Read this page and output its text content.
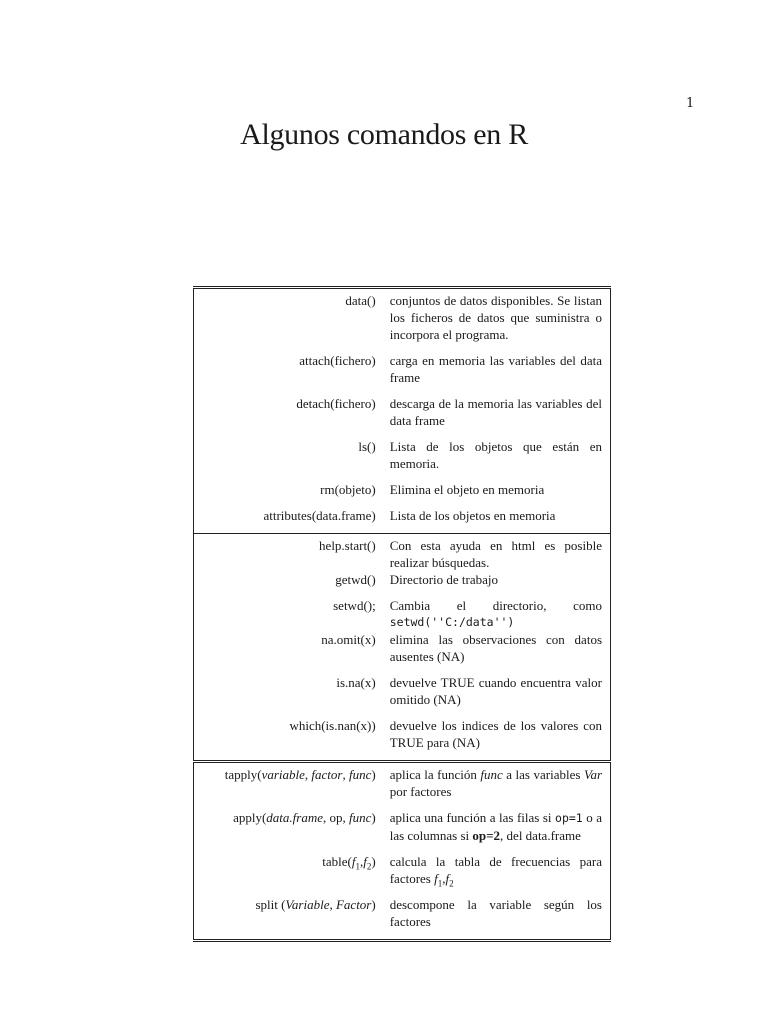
1
Algunos comandos en R
data()	conjuntos de datos disponibles. Se listan los ficheros de datos que suministra o incorpora el programa.
attach(fichero)	carga en memoria las variables del data frame
detach(fichero)	descarga de la memoria las variables del data frame
ls()	Lista de los objetos que están en memoria.
rm(objeto)	Elimina el objeto en memoria
attributes(data.frame)	Lista de los objetos en memoria
help.start()	Con esta ayuda en html es posible realizar búsquedas.
getwd()	Directorio de trabajo
setwd();	Cambia el directorio, como
setwd(''C:/data'')

na.omit(x)	elimina las observaciones con datos ausentes (NA)
is.na(x)	devuelve TRUE cuando encuentra valor omitido (NA)
which(is.nan(x))	devuelve los indices de los valores con TRUE para (NA)
tapply(variable, factor, func)	aplica la función func a las variables Var por factores
apply(data.frame, op, func)	aplica una función a las filas si op=1 o a las columnas si op=2, del data.frame
$table(f_1,f_2)$	calcula la tabla de frecuencias para factores $f_1,f_2$
split (Variable, Factor)	descompone la variable según los factores
